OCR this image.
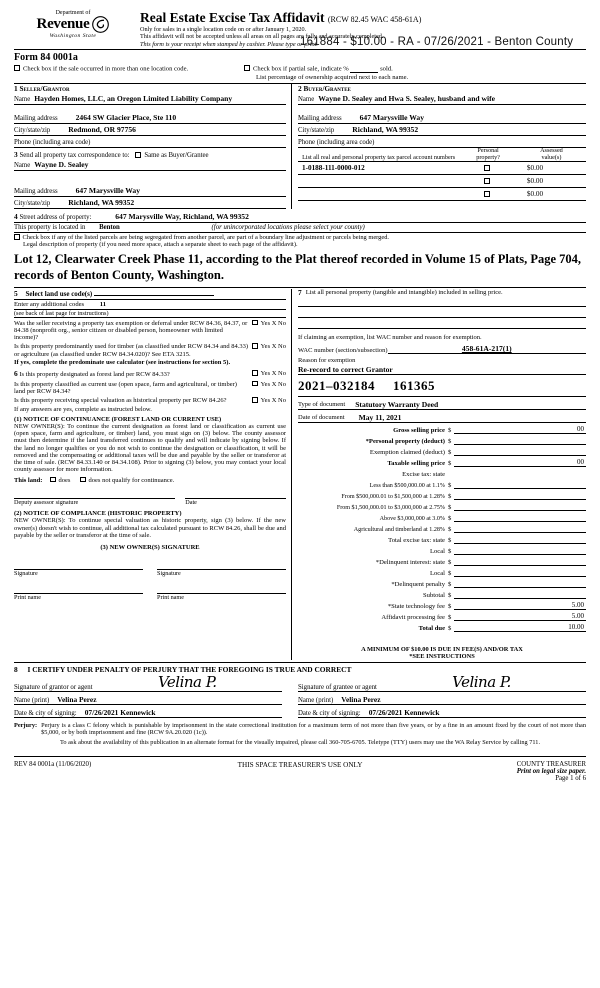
Department of
Revenue
Washington State
Real Estate Excise Tax Affidavit (RCW 82.45 WAC 458-61A)
Only for sales in a single location code on or after January 1, 2020.
This affidavit will not be accepted unless all areas on all pages are fully and accurately completed.
This form is your receipt when stamped by cashier. Please type or print.
161884 - $10.00 - RA - 07/26/2021 - Benton County
Form 84 0001a
Check box if the sale occurred in more than one location code.	Check box if partial sale, indicate %	sold.
List percentage of ownership acquired next to each name.
1 Seller/Grantor
Name Hayden Homes, LLC, an Oregon Limited Liability Company
Mailing address	2464 SW Glacier Place, Ste 110
City/state/zip	Redmond, OR 97756
Phone (including area code)
2 Buyer/Grantee
Name Wayne D. Sealey and Hwa S. Sealey, husband and wife
Mailing address	647 Marysville Way
City/state/zip	Richland, WA 99352
Phone (including area code)
3 Send all property tax correspondence to: Same as Buyer/Grantee
Name Wayne D. Sealey
Mailing address	647 Marysville Way
City/state/zip	Richland, WA 99352
List all real and personal property tax parcel account numbers	Personal
property?	Assessed
value(s)
1-0188-111-0000-012		$0.00
		$0.00
		$0.00
4 Street address of property:	647 Marysville Way, Richland, WA 99352
This property is located in Benton	(for unincorporated locations please select your county)
Check box if any of the listed parcels are being segregated from another parcel, are part of a boundary line adjustment or parcels being merged.
Legal description of property (if you need more space, attach a separate sheet to each page of the affidavit).
Lot 12, Clearwater Creek Phase 11, according to the Plat thereof recorded in Volume 15 of Plats, Page 704, records of Benton County, Washington.
5 Select land use code(s)
Enter any additional codes 11
(see back of last page for instructions)
Was the seller receiving a property tax exemption or deferral under RCW 84.36, 84.37, or 84.38 (nonprofit org., senior citizen or disabled person, homeowner with limited income)?
Yes X No
Is this property predominantly used for timber (as classified under RCW 84.34 and 84.33) or agriculture (as classified under RCW 84.34.020)? See ETA 3215.
Yes X No
If yes, complete the predominate use calculator (see instructions for section 5).
6 Is this property designated as forest land per RCW 84.33?	Yes X No
Is this property classified as current use (open space, farm and agricultural, or timber) land per RCW 84.34?
Yes X No
Is this property receiving special valuation as historical property per RCW 84.26?	Yes X No
If any answers are yes, complete as instructed below.
(1) NOTICE OF CONTINUANCE (FOREST LAND OR CURRENT USE)
NEW OWNER(S): To continue the current designation as forest land or classification as current use (open space, farm and agriculture, or timber) land, you must sign on (3) below. The county assessor must then determine if the land transferred continues to qualify and will indicate by signing below. If the land no longer qualifies or you do not wish to continue the designation or classification, it will be removed and the compensating or additional taxes will be due and payable by the seller or transferor at the time of sale. (RCW 84.33.140 or 84.34.108). Prior to signing (3) below, you may contact your local county assessor for more information.
This land: does	does not qualify for continuance.
Deputy assessor signature	Date
(2) NOTICE OF COMPLIANCE (HISTORIC PROPERTY)
NEW OWNER(S): To continue special valuation as historic property, sign (3) below. If the new owner(s) doesn't wish to continue, all additional tax calculated pursuant to RCW 84.26, shall be due and payable by the seller or transferor at the time of sale.
(3) NEW OWNER(S) SIGNATURE
Signature	Signature
Print name	Print name
7 List all personal property (tangible and intangible) included in selling price.
If claiming an exemption, list WAC number and reason for exemption.
WAC number (section/subsection)	458-61A-217(1)
Reason for exemption
Re-record to correct Grantor
2021–032184 161365
Type of document	Statutory Warranty Deed
Date of document	May 11, 2021
Gross selling price $	00
*Personal property (deduct) $
Exemption claimed (deduct) $
Taxable selling price $	00
Excise tax: state
Less than $500,000.00 at 1.1% $
From $500,000.01 to $1,500,000 at 1.28% $
From $1,500,000.01 to $3,000,000 at 2.75% $
Above $3,000,000 at 3.0% $
Agricultural and timberland at 1.28% $
Total excise tax: state $
Local $
*Delinquent interest: state $
Local $
*Delinquent penalty $
Subtotal $
*State technology fee $	5.00
Affidavit processing fee $	5.00
Total due $	10.00
A MINIMUM OF $10.00 IS DUE IN FEE(S) AND/OR TAX
*SEE INSTRUCTIONS
8 I CERTIFY UNDER PENALTY OF PERJURY THAT THE FOREGOING IS TRUE AND CORRECT
Signature of grantor or agent	Velina P.
Name (print)	Velina Perez
Date & city of signing:	07/26/2021 Kennewick
Signature of grantee or agent	Velina P.
Name (print)	Velina Perez
Date & city of signing:	07/26/2021 Kennewick
Perjury: Perjury is a class C felony which is punishable by imprisonment in the state correctional institution for a maximum term of not more than five years, or by a fine in an amount fixed by the court of not more than $5,000, or by both imprisonment and fine (RCW 9A.20.020 (1c)).
To ask about the availability of this publication in an alternate format for the visually impaired, please call 360-705-6705. Teletype (TTY) users may use the WA Relay Service by calling 711.
REV 84 0001a (11/06/2020)	THIS SPACE TREASURER'S USE ONLY	COUNTY TREASURER
Print on legal size paper.
Page 1 of 6
